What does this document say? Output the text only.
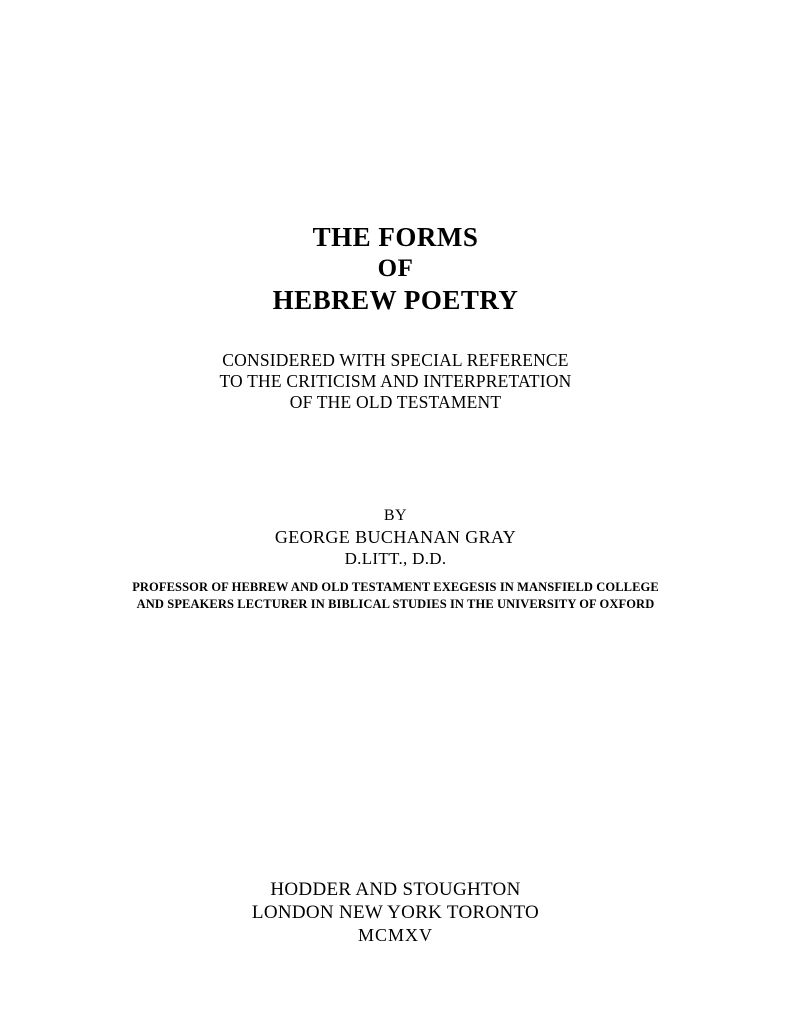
THE FORMS

OF

HEBREW POETRY

CONSIDERED WITH SPECIAL REFERENCE

TO THE CRITICISM AND INTERPRETATION

OF THE OLD TESTAMENT

BY

GEORGE BUCHANAN GRAY

D.LITT., D.D.

PROFESSOR OF HEBREW AND OLD TESTAMENT EXEGESIS IN MANSFIELD COLLEGE

AND SPEAKERS LECTURER IN BIBLICAL STUDIES IN THE UNIVERSITY OF OXFORD

HODDER AND STOUGHTON

LONDON NEW YORK TORONTO

MCMXV
